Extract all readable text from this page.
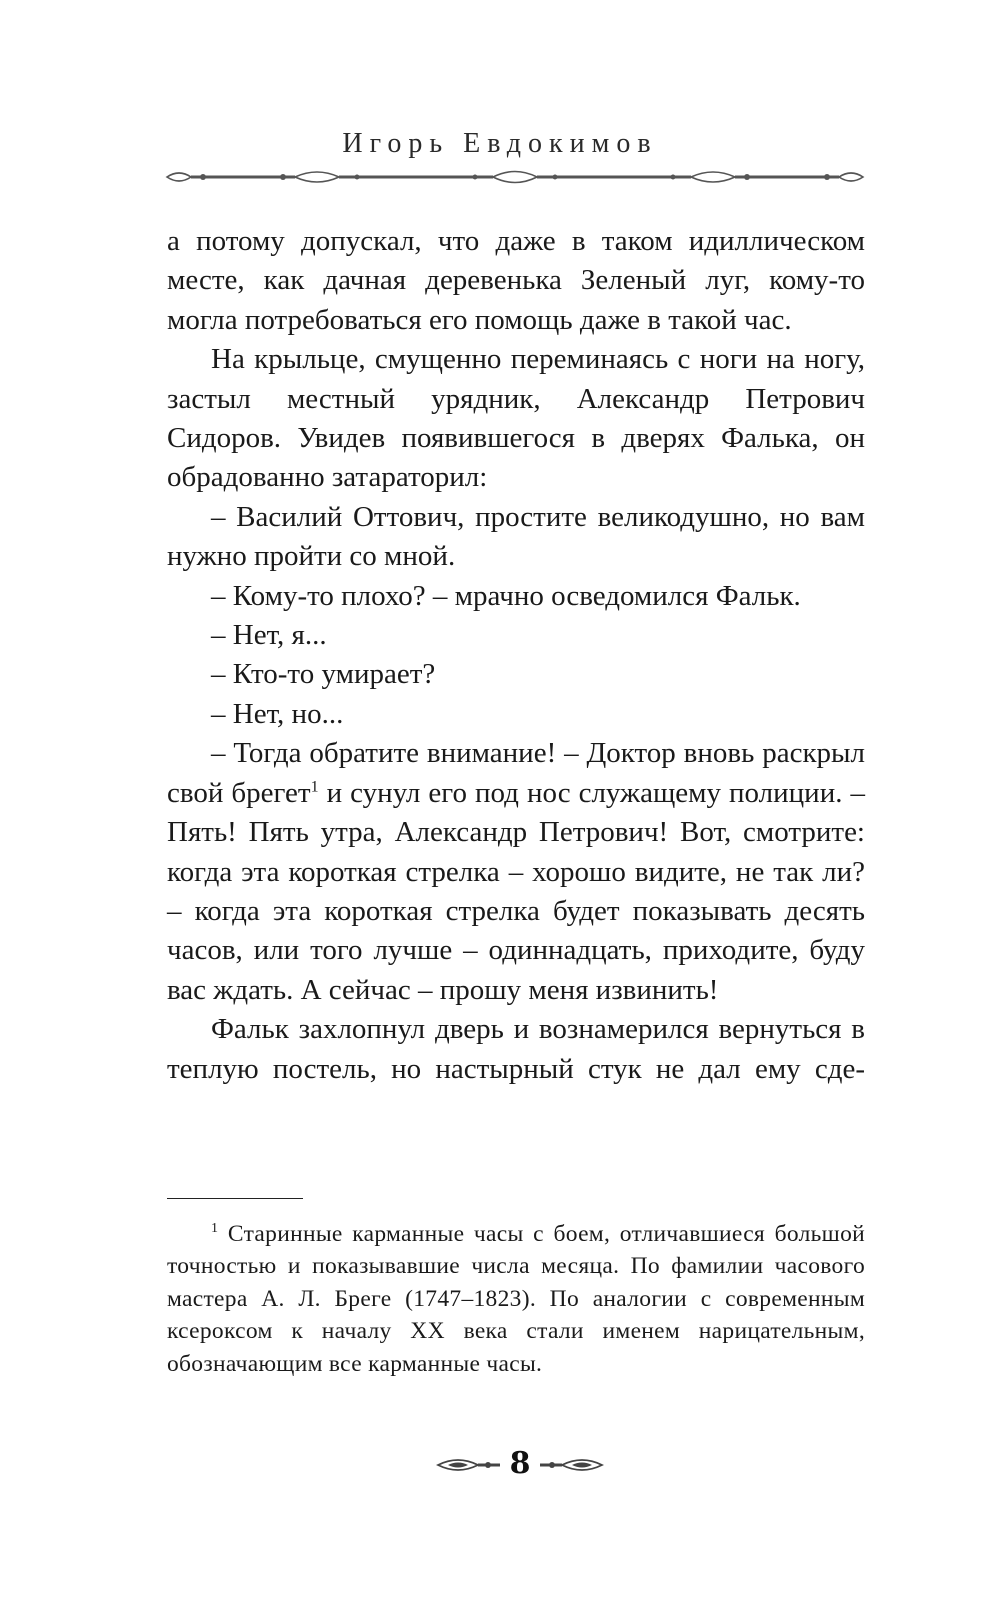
Игорь Евдокимов

а потому допускал, что даже в таком идиллическом месте, как дачная деревенька Зеленый луг, кому-то могла потребоваться его помощь даже в такой час.

На крыльце, смущенно переминаясь с ноги на ногу, застыл местный урядник, Александр Петрович Сидоров. Увидев появившегося в дверях Фалька, он обрадованно затараторил:

– Василий Оттович, простите великодушно, но вам нужно пройти со мной.

– Кому-то плохо? – мрачно осведомился Фальк.

– Нет, я...

– Кто-то умирает?

– Нет, но...

– Тогда обратите внимание! – Доктор вновь раскрыл свой брегет$^1$ и сунул его под нос служащему полиции. – Пять! Пять утра, Александр Петрович! Вот, смотрите: когда эта короткая стрелка – хорошо видите, не так ли? – когда эта короткая стрелка будет показывать десять часов, или того лучше – одиннадцать, приходите, буду вас ждать. А сейчас – прошу меня извинить!

Фальк захлопнул дверь и вознамерился вернуться в теплую постель, но настырный стук не дал ему сде-

$^1$ Старинные карманные часы с боем, отличавшиеся большой точностью и показывавшие числа месяца. По фамилии часового мастера А. Л. Бреге (1747–1823). По аналогии с современным ксероксом к началу XX века стали именем нарицательным, обозначающим все карманные часы.
8
